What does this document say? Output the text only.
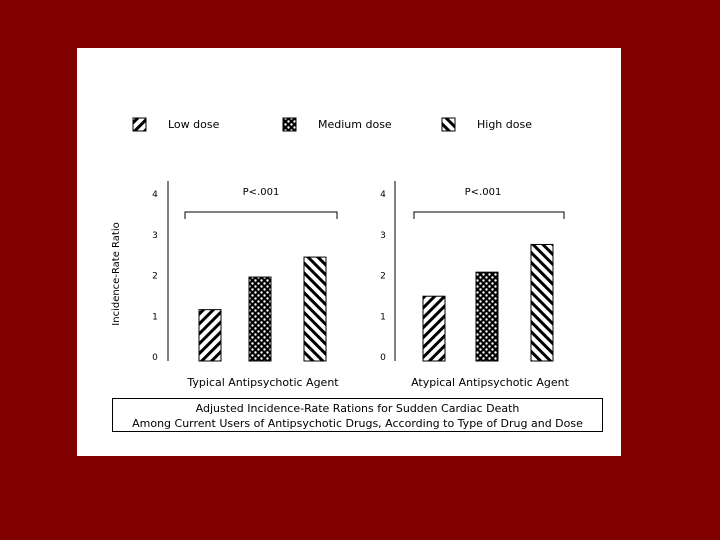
Low dose	Medium dose	High dose
0
1
2
3
4	P<.001
Typical Antipsychotic Agent
Incidence-Rate Ratio
0
1
2
3
4	P<.001
Atypical Antipsychotic Agent
Adjusted Incidence-Rate Rations for Sudden Cardiac Death
Among Current Users of Antipsychotic Drugs, According to Type of Drug and Dose
